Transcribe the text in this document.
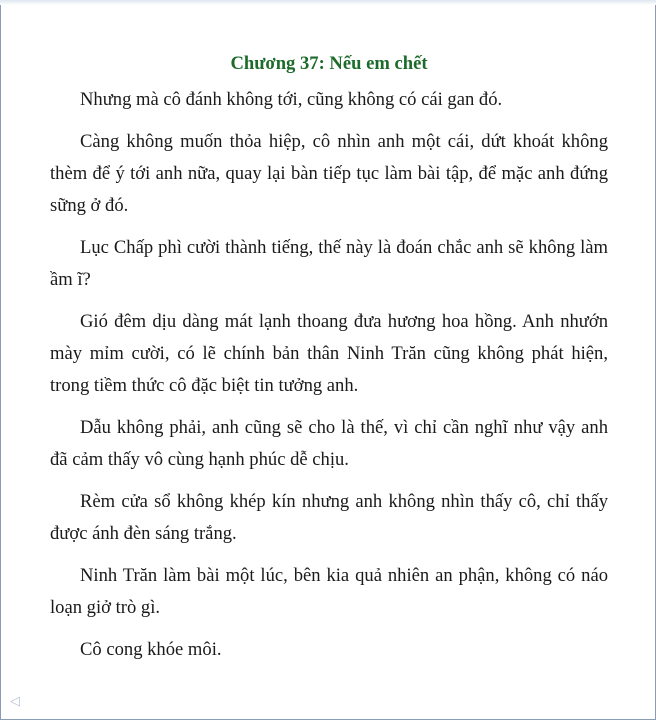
Chương 37: Nếu em chết

Nhưng mà cô đánh không tới, cũng không có cái gan đó.

Càng không muốn thỏa hiệp, cô nhìn anh một cái, dứt khoát không thèm để ý tới anh nữa, quay lại bàn tiếp tục làm bài tập, để mặc anh đứng sững ở đó.

Lục Chấp phì cười thành tiếng, thế này là đoán chắc anh sẽ không làm ầm ĩ?

Gió đêm dịu dàng mát lạnh thoang đưa hương hoa hồng. Anh nhướn mày mỉm cười, có lẽ chính bản thân Ninh Trăn cũng không phát hiện, trong tiềm thức cô đặc biệt tin tưởng anh.

Dẫu không phải, anh cũng sẽ cho là thế, vì chỉ cần nghĩ như vậy anh đã cảm thấy vô cùng hạnh phúc dễ chịu.

Rèm cửa sổ không khép kín nhưng anh không nhìn thấy cô, chỉ thấy được ánh đèn sáng trắng.

Ninh Trăn làm bài một lúc, bên kia quả nhiên an phận, không có náo loạn giở trò gì.

Cô cong khóe môi.

◁
